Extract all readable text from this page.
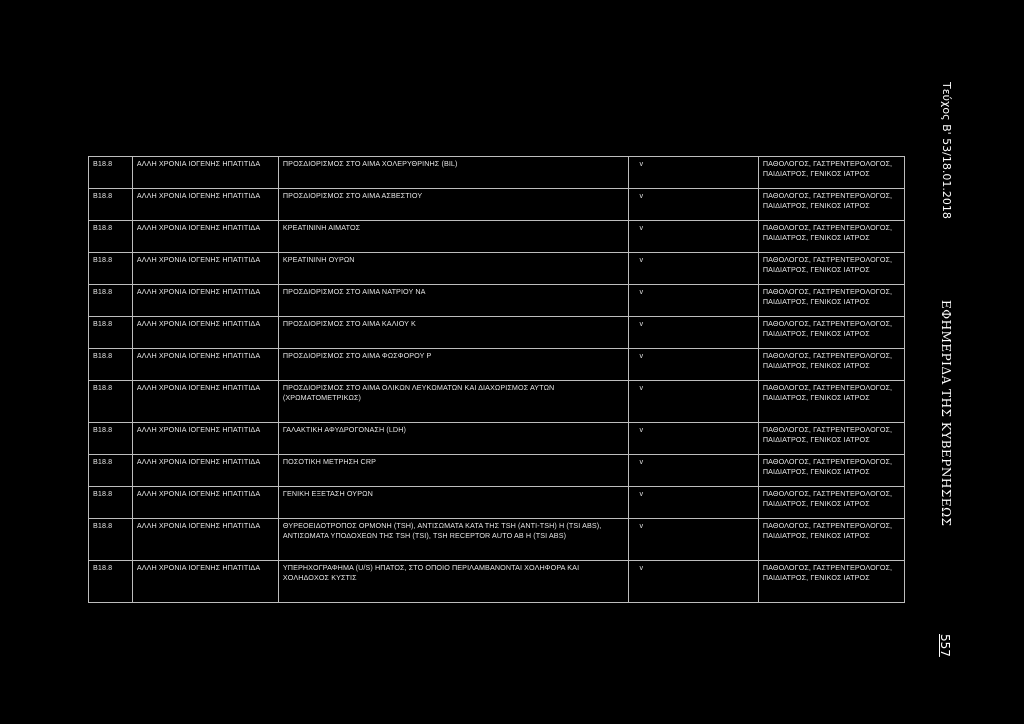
B18.8	ΑΛΛΗ ΧΡΟΝΙΑ ΙΟΓΕΝΗΣ ΗΠΑΤΙΤΙΔΑ	ΠΡΟΣΔΙΟΡΙΣΜΟΣ ΣΤΟ ΑΙΜΑ ΧΟΛΕΡΥΘΡΙΝΗΣ (BIL)	v	ΠΑΘΟΛΟΓΟΣ, ΓΑΣΤΡΕΝΤΕΡΟΛΟΓΟΣ,
ΠΑΙΔΙΑΤΡΟΣ, ΓΕΝΙΚΟΣ ΙΑΤΡΟΣ

B18.8	ΑΛΛΗ ΧΡΟΝΙΑ ΙΟΓΕΝΗΣ ΗΠΑΤΙΤΙΔΑ	ΠΡΟΣΔΙΟΡΙΣΜΟΣ ΣΤΟ ΑΙΜΑ ΑΣΒΕΣΤΙΟΥ	v	ΠΑΘΟΛΟΓΟΣ, ΓΑΣΤΡΕΝΤΕΡΟΛΟΓΟΣ,
ΠΑΙΔΙΑΤΡΟΣ, ΓΕΝΙΚΟΣ ΙΑΤΡΟΣ

B18.8	ΑΛΛΗ ΧΡΟΝΙΑ ΙΟΓΕΝΗΣ ΗΠΑΤΙΤΙΔΑ	ΚΡΕΑΤΙΝΙΝΗ ΑΙΜΑΤΟΣ	v	ΠΑΘΟΛΟΓΟΣ, ΓΑΣΤΡΕΝΤΕΡΟΛΟΓΟΣ,
ΠΑΙΔΙΑΤΡΟΣ, ΓΕΝΙΚΟΣ ΙΑΤΡΟΣ

B18.8	ΑΛΛΗ ΧΡΟΝΙΑ ΙΟΓΕΝΗΣ ΗΠΑΤΙΤΙΔΑ	ΚΡΕΑΤΙΝΙΝΗ ΟΥΡΩΝ	v	ΠΑΘΟΛΟΓΟΣ, ΓΑΣΤΡΕΝΤΕΡΟΛΟΓΟΣ,
ΠΑΙΔΙΑΤΡΟΣ, ΓΕΝΙΚΟΣ ΙΑΤΡΟΣ

B18.8	ΑΛΛΗ ΧΡΟΝΙΑ ΙΟΓΕΝΗΣ ΗΠΑΤΙΤΙΔΑ	ΠΡΟΣΔΙΟΡΙΣΜΟΣ ΣΤΟ ΑΙΜΑ ΝΑΤΡΙΟΥ ΝΑ	v	ΠΑΘΟΛΟΓΟΣ, ΓΑΣΤΡΕΝΤΕΡΟΛΟΓΟΣ,
ΠΑΙΔΙΑΤΡΟΣ, ΓΕΝΙΚΟΣ ΙΑΤΡΟΣ

B18.8	ΑΛΛΗ ΧΡΟΝΙΑ ΙΟΓΕΝΗΣ ΗΠΑΤΙΤΙΔΑ	ΠΡΟΣΔΙΟΡΙΣΜΟΣ ΣΤΟ ΑΙΜΑ ΚΑΛΙΟΥ Κ	v	ΠΑΘΟΛΟΓΟΣ, ΓΑΣΤΡΕΝΤΕΡΟΛΟΓΟΣ,
ΠΑΙΔΙΑΤΡΟΣ, ΓΕΝΙΚΟΣ ΙΑΤΡΟΣ

B18.8	ΑΛΛΗ ΧΡΟΝΙΑ ΙΟΓΕΝΗΣ ΗΠΑΤΙΤΙΔΑ	ΠΡΟΣΔΙΟΡΙΣΜΟΣ ΣΤΟ ΑΙΜΑ ΦΩΣΦΟΡΟΥ P	v	ΠΑΘΟΛΟΓΟΣ, ΓΑΣΤΡΕΝΤΕΡΟΛΟΓΟΣ,
ΠΑΙΔΙΑΤΡΟΣ, ΓΕΝΙΚΟΣ ΙΑΤΡΟΣ

B18.8	ΑΛΛΗ ΧΡΟΝΙΑ ΙΟΓΕΝΗΣ ΗΠΑΤΙΤΙΔΑ	ΠΡΟΣΔΙΟΡΙΣΜΟΣ ΣΤΟ ΑΙΜΑ ΟΛΙΚΩΝ ΛΕΥΚΩΜΑΤΩΝ ΚΑΙ ΔΙΑΧΩΡΙΣΜΟΣ ΑΥΤΩΝ (ΧΡΩΜΑΤΟΜΕΤΡΙΚΩΣ)	v	ΠΑΘΟΛΟΓΟΣ, ΓΑΣΤΡΕΝΤΕΡΟΛΟΓΟΣ,
ΠΑΙΔΙΑΤΡΟΣ, ΓΕΝΙΚΟΣ ΙΑΤΡΟΣ

B18.8	ΑΛΛΗ ΧΡΟΝΙΑ ΙΟΓΕΝΗΣ ΗΠΑΤΙΤΙΔΑ	ΓΑΛΑΚΤΙΚΗ ΑΦΥΔΡΟΓΟΝΑΣΗ (LDH)	v	ΠΑΘΟΛΟΓΟΣ, ΓΑΣΤΡΕΝΤΕΡΟΛΟΓΟΣ,
ΠΑΙΔΙΑΤΡΟΣ, ΓΕΝΙΚΟΣ ΙΑΤΡΟΣ

B18.8	ΑΛΛΗ ΧΡΟΝΙΑ ΙΟΓΕΝΗΣ ΗΠΑΤΙΤΙΔΑ	ΠΟΣΟΤΙΚΗ ΜΕΤΡΗΣΗ CRP	v	ΠΑΘΟΛΟΓΟΣ, ΓΑΣΤΡΕΝΤΕΡΟΛΟΓΟΣ,
ΠΑΙΔΙΑΤΡΟΣ, ΓΕΝΙΚΟΣ ΙΑΤΡΟΣ

B18.8	ΑΛΛΗ ΧΡΟΝΙΑ ΙΟΓΕΝΗΣ ΗΠΑΤΙΤΙΔΑ	ΓΕΝΙΚΗ ΕΞΕΤΑΣΗ ΟΥΡΩΝ	v	ΠΑΘΟΛΟΓΟΣ, ΓΑΣΤΡΕΝΤΕΡΟΛΟΓΟΣ,
ΠΑΙΔΙΑΤΡΟΣ, ΓΕΝΙΚΟΣ ΙΑΤΡΟΣ

B18.8	ΑΛΛΗ ΧΡΟΝΙΑ ΙΟΓΕΝΗΣ ΗΠΑΤΙΤΙΔΑ	ΘΥΡΕΟΕΙΔΟΤΡΟΠΟΣ ΟΡΜΟΝΗ (TSH), ΑΝΤΙΣΩΜΑΤΑ ΚΑΤΑ ΤΗΣ TSH (ANTI-TSH) Η (TSI ABS), ΑΝΤΙΣΩΜΑΤΑ ΥΠΟΔΟΧΕΩΝ ΤΗΣ TSH (TSI), TSH RECEPTOR AUTO AB Η (TSI ABS)	v	ΠΑΘΟΛΟΓΟΣ, ΓΑΣΤΡΕΝΤΕΡΟΛΟΓΟΣ,
ΠΑΙΔΙΑΤΡΟΣ, ΓΕΝΙΚΟΣ ΙΑΤΡΟΣ

B18.8	ΑΛΛΗ ΧΡΟΝΙΑ ΙΟΓΕΝΗΣ ΗΠΑΤΙΤΙΔΑ	ΥΠΕΡΗΧΟΓΡΑΦΗΜΑ (U/S) ΗΠΑΤΟΣ, ΣΤΟ ΟΠΟΙΟ ΠΕΡΙΛΑΜΒΑΝΟΝΤΑΙ ΧΟΛΗΦΟΡΑ ΚΑΙ ΧΟΛΗΔΟΧΟΣ ΚΥΣΤΙΣ	v	ΠΑΘΟΛΟΓΟΣ, ΓΑΣΤΡΕΝΤΕΡΟΛΟΓΟΣ,
ΠΑΙΔΙΑΤΡΟΣ, ΓΕΝΙΚΟΣ ΙΑΤΡΟΣ
Τεύχος Β' 53/18.01.2018
ΕΦΗΜΕΡΙΔΑ ΤΗΣ ΚΥΒΕΡΝΗΣΕΩΣ
557
